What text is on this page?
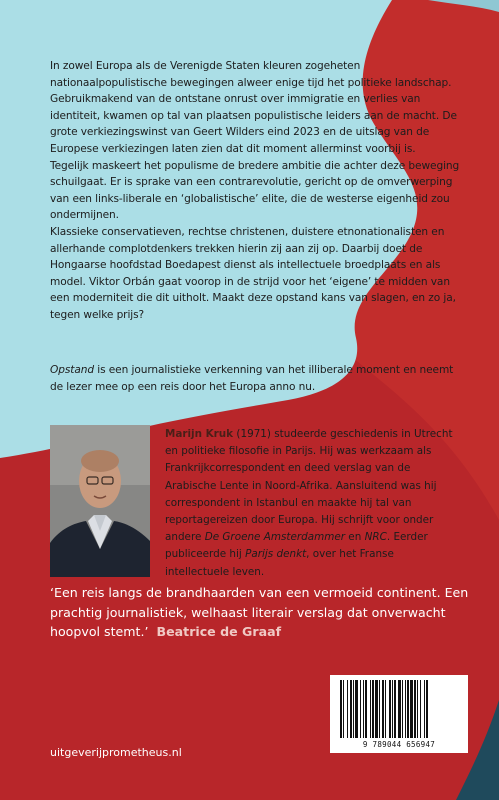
In zowel Europa als de Verenigde Staten kleuren zogeheten nationaalpopulistische bewegingen alweer enige tijd het politieke landschap. Gebruikmakend van de ontstane onrust over immigratie en verlies van identiteit, kwamen op tal van plaatsen populistische leiders aan de macht. De grote verkiezingswinst van Geert Wilders eind 2023 en de uitslag van de Europese verkiezingen laten zien dat dit moment allerminst voorbij is.

Tegelijk maskeert het populisme de bredere ambitie die achter deze beweging schuilgaat. Er is sprake van een contrarevolutie, gericht op de omverwerping van een links-liberale en ‘globalistische’ elite, die de westerse eigenheid zou ondermijnen.

Klassieke conservatieven, rechtse christenen, duistere etnonationalisten en allerhande complotdenkers trekken hierin zij aan zij op. Daarbij doet de Hongaarse hoofdstad Boedapest dienst als intellectuele broedplaats en als model. Viktor Orbán gaat voorop in de strijd voor het ‘eigene’ te midden van een moderniteit die dit uitholt. Maakt deze opstand kans van slagen, en zo ja, tegen welke prijs?

Opstand is een journalistieke verkenning van het illiberale moment en neemt de lezer mee op een reis door het Europa anno nu.
Marijn Kruk (1971) studeerde geschiedenis in Utrecht en politieke filosofie in Parijs. Hij was werkzaam als Frankrijkcorrespondent en deed verslag van de Arabische Lente in Noord-Afrika. Aansluitend was hij correspondent in Istanbul en maakte hij tal van reportagereizen door Europa. Hij schrijft voor onder andere De Groene Amsterdammer en NRC. Eerder publiceerde hij Parijs denkt, over het Franse intellectuele leven.
‘Een reis langs de brandhaarden van een vermoeid continent. Een prachtig journalistiek, welhaast literair verslag dat onverwacht hoopvol stemt.’ Beatrice de Graaf
9 789044 656947
uitgeverijprometheus.nl
